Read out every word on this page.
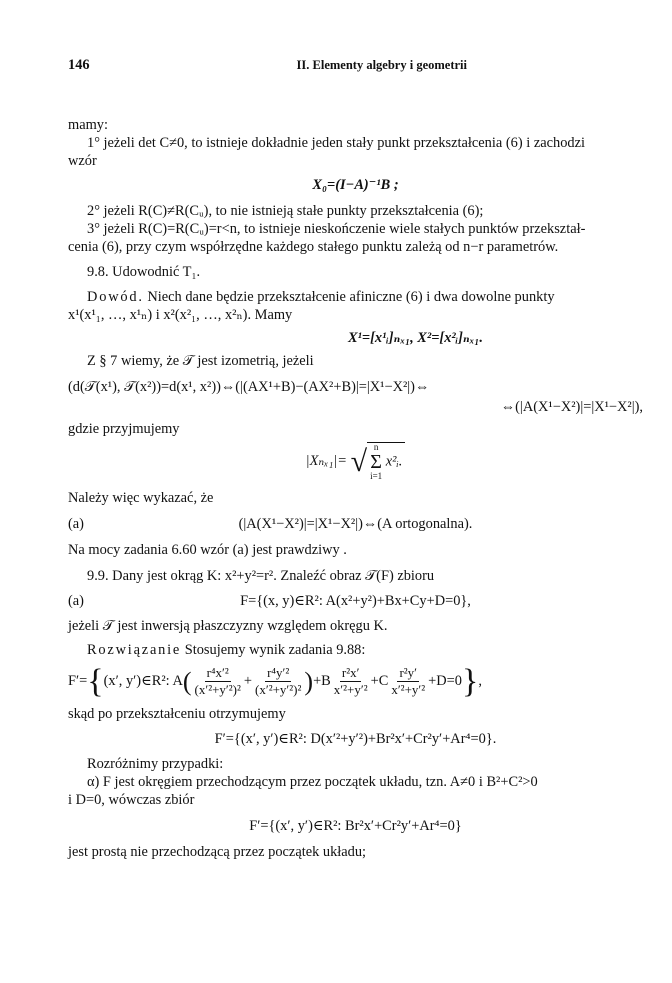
146	II. Elementy algebry i geometrii

mamy:

1° jeżeli det C≠0, to istnieje dokładnie jeden stały punkt przekształcenia (6) i zachodzi

wzór

X₀=(I−A)⁻¹B ;

2° jeżeli R(C)≠R(Cᵤ), to nie istnieją stałe punkty przekształcenia (6);

3° jeżeli R(C)=R(Cᵤ)=r<n, to istnieje nieskończenie wiele stałych punktów przekształ-

cenia (6), przy czym współrzędne każdego stałego punktu zależą od n−r parametrów.

9.8. Udowodnić T₁.

Dowód. Niech dane będzie przekształcenie afiniczne (6) i dwa dowolne punkty

x¹(x¹₁, …, x¹ₙ) i x²(x²₁, …, x²ₙ). Mamy

X¹=[x¹ᵢ]ₙₓ₁, X²=[x²ᵢ]ₙₓ₁.

Z § 7 wiemy, że 𝒯 jest izometrią, jeżeli

(d(𝒯(x¹), 𝒯(x²))=d(x¹, x²))⇔(|(AX¹+B)−(AX²+B)|=|X¹−X²|)⇔
⇔(|A(X¹−X²)|=|X¹−X²|),

gdzie przyjmujemy

|Xₙₓ₁|= √ n
Σ
i=1
x²ᵢ.

Należy więc wykazać, że

(a)	(|A(X¹−X²)|=|X¹−X²|)⇔(A ortogonalna).

Na mocy zadania 6.60 wzór (a) jest prawdziwy .

9.9. Dany jest okrąg K: x²+y²=r². Znaleźć obraz 𝒯(F) zbioru

(a)	F={(x, y)∈R²: A(x²+y²)+Bx+Cy+D=0},

jeżeli 𝒯 jest inwersją płaszczyzny względem okręgu K.

Rozwiązanie Stosujemy wynik zadania 9.88:

F′={(x′, y′)∈R²: $A( \frac{\text{r⁴x′²}}{\text{(x′²+y′²)²}} + \frac{\text{r⁴y′²}}{\text{(x′²+y′²)²}} )+B \frac{\text{r²x′}}{\text{x′²+y′²}} +C \frac{\text{r²y′}}{\text{x′²+y′²}} +D=0$},

skąd po przekształceniu otrzymujemy

F′={(x′, y′)∈R²: D(x′²+y′²)+Br²x′+Cr²y′+Ar⁴=0}.

Rozróżnimy przypadki:

α) F jest okręgiem przechodzącym przez początek układu, tzn. A≠0 i B²+C²>0

i D=0, wówczas zbiór

F′={(x′, y′)∈R²: Br²x′+Cr²y′+Ar⁴=0}

jest prostą nie przechodzącą przez początek układu;
